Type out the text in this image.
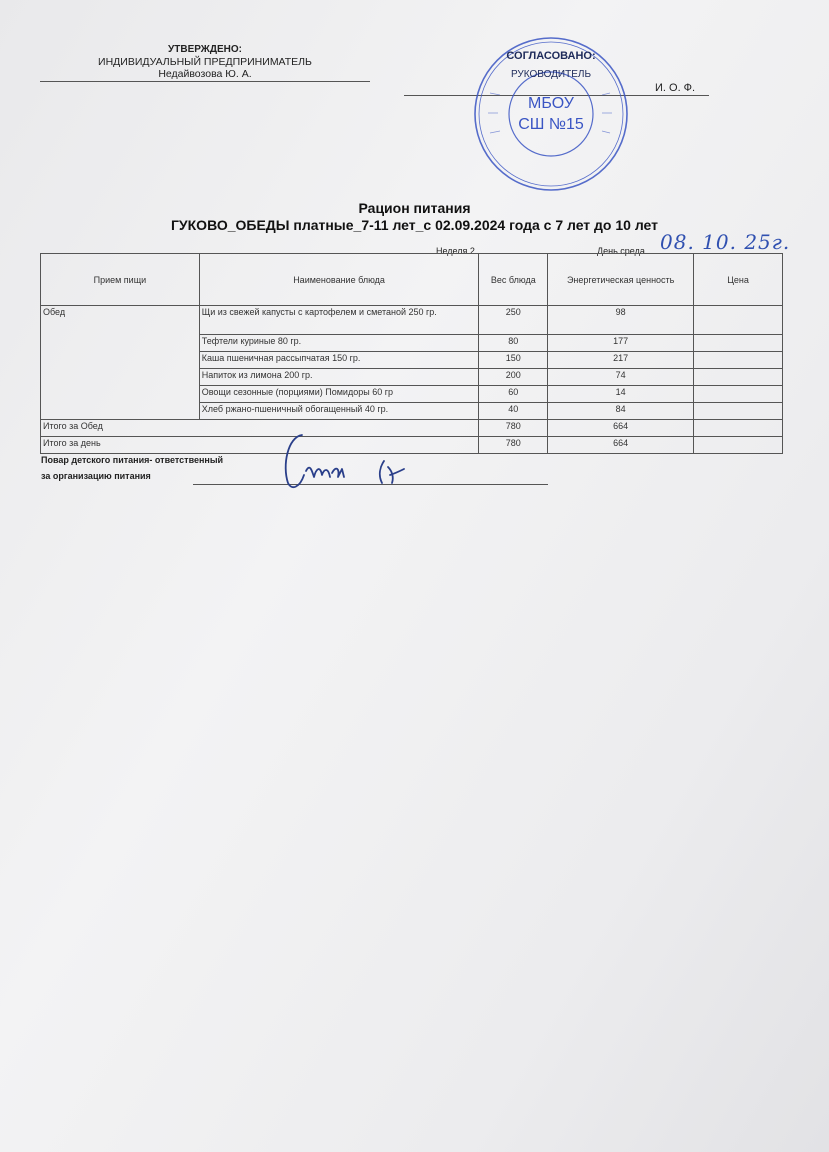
УТВЕРЖДЕНО:
ИНДИВИДУАЛЬНЫЙ ПРЕДПРИНИМАТЕЛЬ
Недайвозова Ю. А.
И. О. Ф.
СОГЛАСОВАНО:
РУКОВОДИТЕЛЬ
МБОУ
СШ №15
Рацион питания
ГУКОВО_ОБЕДЫ платные_7-11 лет_с 02.09.2024 года с 7 лет до 10 лет
Неделя 2	День среда 08. 10. 25г.
Прием пищи	Наименование блюда	Вес блюда	Энергетическая ценность	Цена
Обед	Щи из свежей капусты с картофелем и сметаной 250 гр.	250	98	
	Тефтели куриные 80 гр.	80	177	
	Каша пшеничная рассыпчатая 150 гр.	150	217	
	Напиток из лимона 200 гр.	200	74	
	Овощи сезонные (порциями) Помидоры 60 гр	60	14	
	Хлеб ржано-пшеничный обогащенный 40 гр.	40	84	
Итого за Обед		780	664	
Итого за день		780	664	
Повар детского питания- ответственный
за организацию питания
